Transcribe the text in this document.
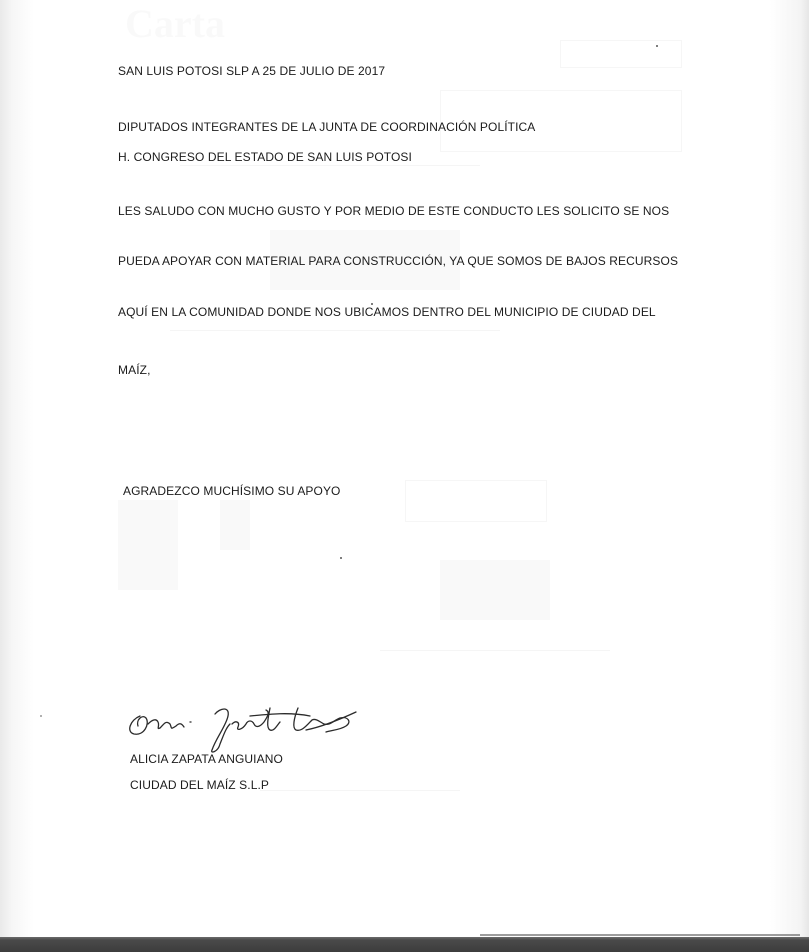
SAN LUIS POTOSI SLP A 25 DE JULIO DE 2017
DIPUTADOS INTEGRANTES DE LA JUNTA DE COORDINACIÓN POLÍTICA
H. CONGRESO DEL ESTADO DE SAN LUIS POTOSI
LES SALUDO CON MUCHO GUSTO Y POR MEDIO DE ESTE CONDUCTO LES SOLICITO SE NOS
PUEDA APOYAR CON MATERIAL PARA CONSTRUCCIÓN, YA QUE SOMOS DE BAJOS RECURSOS
AQUÍ EN LA COMUNIDAD DONDE NOS UBICAMOS DENTRO DEL MUNICIPIO DE CIUDAD DEL
MAÍZ,
AGRADEZCO MUCHÍSIMO SU APOYO
ALICIA ZAPATA ANGUIANO
CIUDAD DEL MAÍZ S.L.P
